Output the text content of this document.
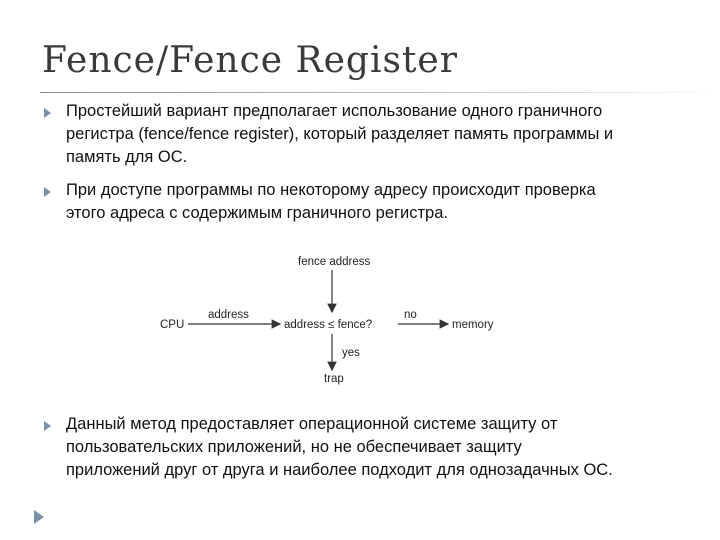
Fence/Fence Register
Простейший вариант предполагает использование одного граничного
регистра (fence/fence register), который разделяет память программы и
память для ОС.
При доступе программы по некоторому адресу происходит проверка
этого адреса с содержимым граничного регистра.
fence address
CPU
address
address ≤ fence?
no
memory
yes
trap
Данный метод предоставляет операционной системе защиту от
пользовательских приложений, но не обеспечивает защиту
приложений друг от друга и наиболее подходит для однозадачных ОС.
